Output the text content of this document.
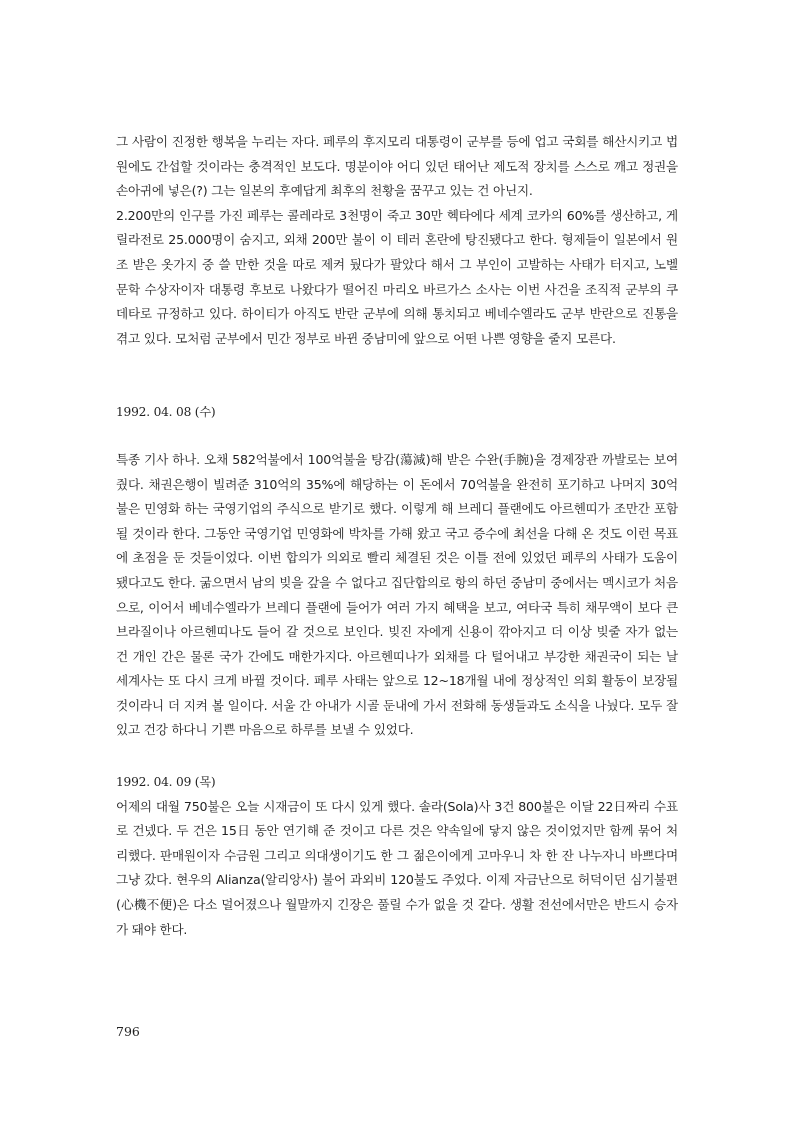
그 사람이 진정한 행복을 누리는 자다. 페루의 후지모리 대통령이 군부를 등에 업고 국회를 해산시키고 법원에도 간섭할 것이라는 충격적인 보도다. 명분이야 어디 있던 태어난 제도적 장치를 스스로 깨고 정권을 손아귀에 넣은(?) 그는 일본의 후예답게 최후의 천황을 꿈꾸고 있는 건 아닌지.

2.200만의 인구를 가진 페루는 콜레라로 3천명이 죽고 30만 헥타에다 세계 코카의 60%를 생산하고, 게릴라전로 25.000명이 숨지고, 외채 200만 불이 이 테러 혼란에 탕진됐다고 한다. 형제들이 일본에서 원조 받은 옷가지 중 쓸 만한 것을 따로 제켜 뒀다가 팔았다 해서 그 부인이 고발하는 사태가 터지고, 노벨 문학 수상자이자 대통령 후보로 나왔다가 떨어진 마리오 바르가스 소사는 이번 사건을 조직적 군부의 쿠데타로 규정하고 있다. 하이티가 아직도 반란 군부에 의해 통치되고 베네수엘라도 군부 반란으로 진통을 겪고 있다. 모처럼 군부에서 민간 정부로 바뀐 중남미에 앞으로 어떤 나쁜 영향을 줄지 모른다.

1992. 04. 08 (수)

특종 기사 하나. 오채 582억불에서 100억불을 탕감(蕩減)해 받은 수완(手腕)을 경제장관 까발로는 보여줬다. 채권은행이 빌려준 310억의 35%에 해당하는 이 돈에서 70억불을 완전히 포기하고 나머지 30억불은 민영화 하는 국영기업의 주식으로 받기로 했다. 이렇게 해 브레디 플랜에도 아르헨띠가 조만간 포함 될 것이라 한다. 그동안 국영기업 민영화에 박차를 가해 왔고 국고 증수에 최선을 다해 온 것도 이런 목표에 초점을 둔 것들이었다. 이번 합의가 의외로 빨리 체결된 것은 이틀 전에 있었던 페루의 사태가 도움이 됐다고도 한다. 굶으면서 남의 빚을 갚을 수 없다고 집단합의로 항의 하던 중남미 중에서는 멕시코가 처음으로, 이어서 베네수엘라가 브레디 플랜에 들어가 여러 가지 혜택을 보고, 여타국 특히 채무액이 보다 큰 브라질이나 아르헨띠나도 들어 갈 것으로 보인다. 빚진 자에게 신용이 깎아지고 더 이상 빚줄 자가 없는 건 개인 간은 물론 국가 간에도 매한가지다. 아르헨띠나가 외채를 다 털어내고 부강한 채권국이 되는 날 세계사는 또 다시 크게 바뀔 것이다. 페루 사태는 앞으로 12~18개월 내에 정상적인 의회 활동이 보장될 것이라니 더 지켜 볼 일이다. 서울 간 아내가 시골 둔내에 가서 전화해 동생들과도 소식을 나눴다. 모두 잘 있고 건강 하다니 기쁜 마음으로 하루를 보낼 수 있었다.

1992. 04. 09 (목)

어제의 대월 750불은 오늘 시재금이 또 다시 있게 했다. 솔라(Sola)사 3건 800불은 이달 22日짜리 수표로 건넸다. 두 건은 15日 동안 연기해 준 것이고 다른 것은 약속일에 닿지 않은 것이었지만 함께 묶어 처리했다. 판매원이자 수금원 그리고 의대생이기도 한 그 젊은이에게 고마우니 차 한 잔 나누자니 바쁘다며 그냥 갔다. 현우의 Alianza(알리앙사) 불어 과외비 120불도 주었다. 이제 자금난으로 허덕이던 심기불편(心機不便)은 다소 덜어졌으나 월말까지 긴장은 풀릴 수가 없을 것 같다. 생활 전선에서만은 반드시 승자가 돼야 한다.

796
